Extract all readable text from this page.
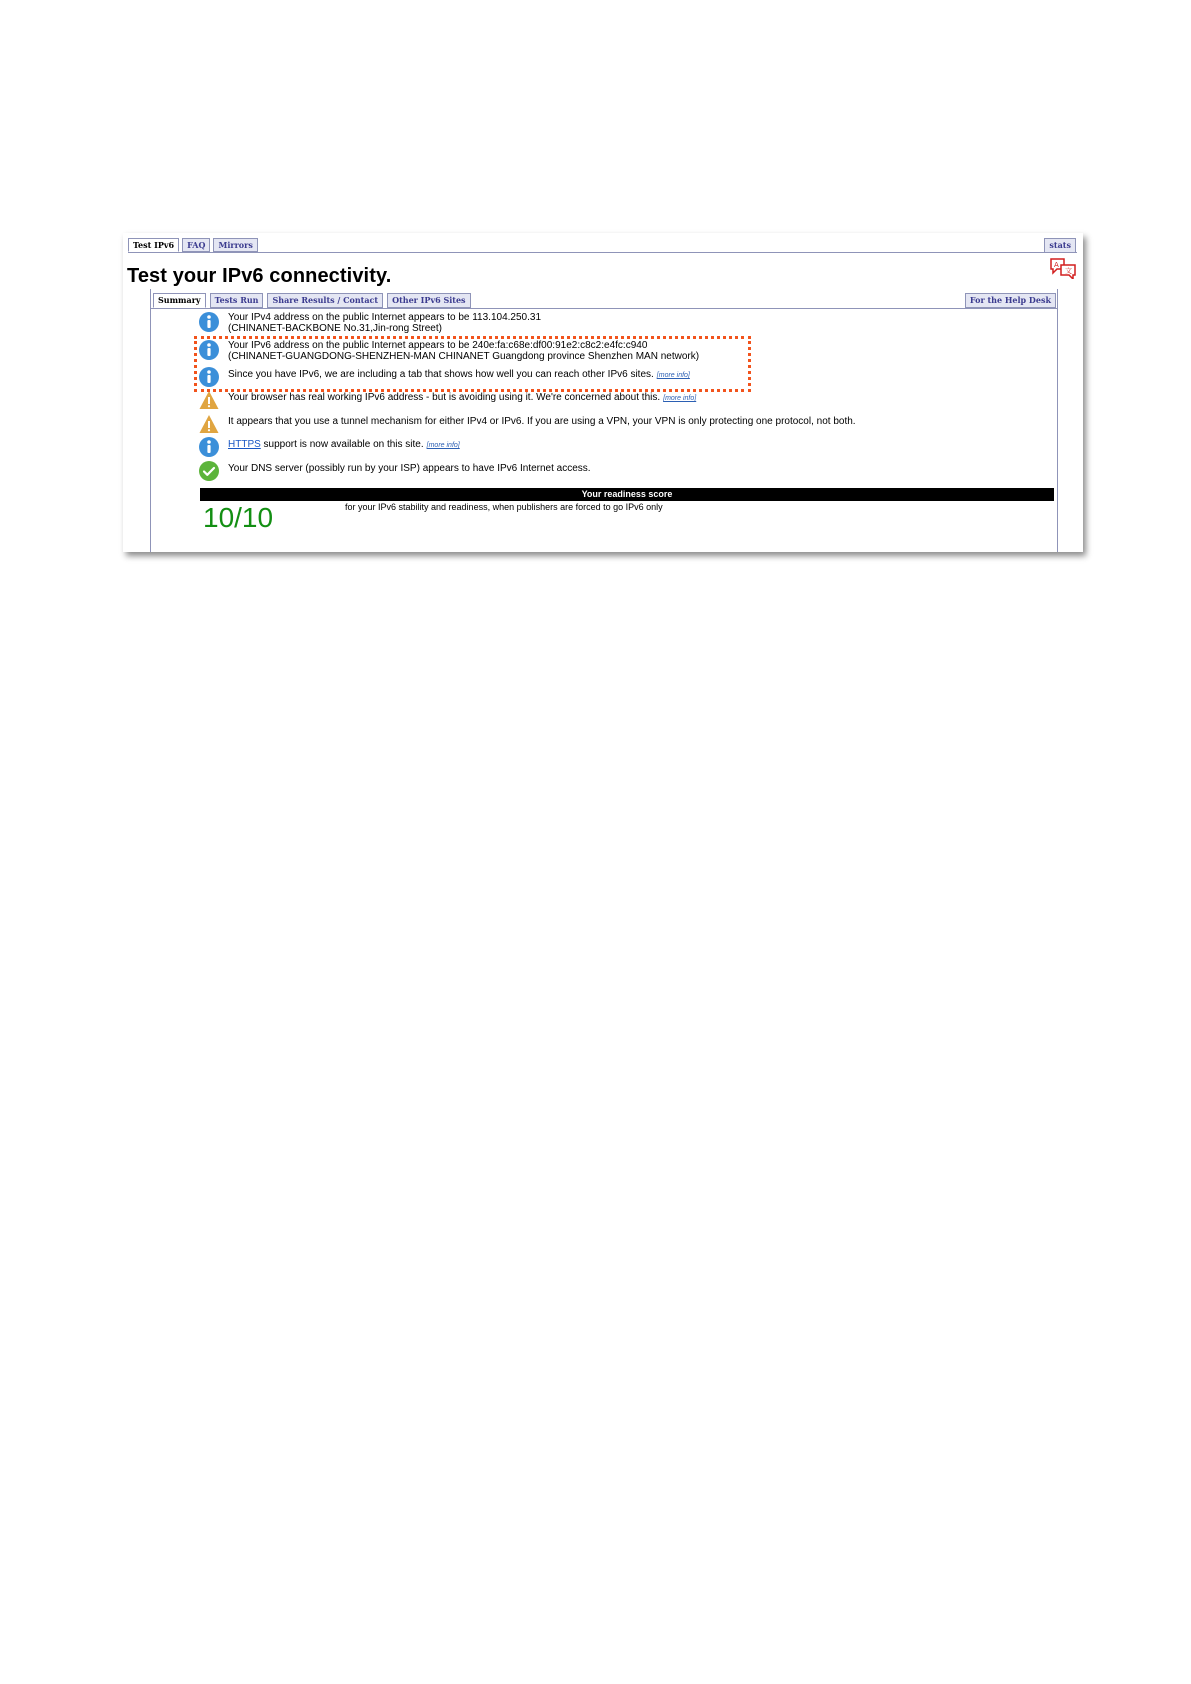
Test IPv6	FAQ	Mirrors	stats
A
文
Test your IPv6 connectivity.
Summary	Tests Run	Share Results / Contact	Other IPv6 Sites	For the Help Desk
Your IPv4 address on the public Internet appears to be 113.104.250.31
(CHINANET-BACKBONE No.31,Jin-rong Street)
Your IPv6 address on the public Internet appears to be 240e:fa:c68e:df00:91e2:c8c2:e4fc:c940
(CHINANET-GUANGDONG-SHENZHEN-MAN CHINANET Guangdong province Shenzhen MAN network)
Since you have IPv6, we are including a tab that shows how well you can reach other IPv6 sites. [more info]
Your browser has real working IPv6 address - but is avoiding using it. We're concerned about this. [more info]
It appears that you use a tunnel mechanism for either IPv4 or IPv6. If you are using a VPN, your VPN is only protecting one protocol, not both.
HTTPS support is now available on this site. [more info]
Your DNS server (possibly run by your ISP) appears to have IPv6 Internet access.
Your readiness score
10/10	for your IPv6 stability and readiness, when publishers are forced to go IPv6 only
